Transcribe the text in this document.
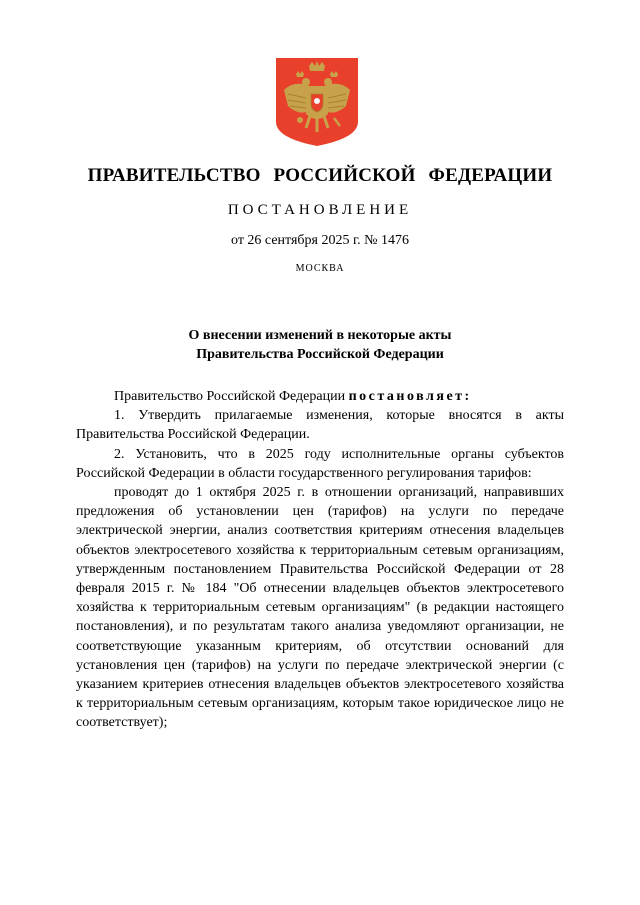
ПРАВИТЕЛЬСТВО РОССИЙСКОЙ ФЕДЕРАЦИИ
ПОСТАНОВЛЕНИЕ
от 26 сентября 2025 г. № 1476
МОСКВА
О внесении изменений в некоторые акты
Правительства Российской Федерации

Правительство Российской Федерации постановляет:

1. Утвердить прилагаемые изменения, которые вносятся в акты Правительства Российской Федерации.

2. Установить, что в 2025 году исполнительные органы субъектов Российской Федерации в области государственного регулирования тарифов:

проводят до 1 октября 2025 г. в отношении организаций, направивших предложения об установлении цен (тарифов) на услуги по передаче электрической энергии, анализ соответствия критериям отнесения владельцев объектов электросетевого хозяйства к территориальным сетевым организациям, утвержденным постановлением Правительства Российской Федерации от 28 февраля 2015 г. № 184 "Об отнесении владельцев объектов электросетевого хозяйства к территориальным сетевым организациям" (в редакции настоящего постановления), и по результатам такого анализа уведомляют организации, не соответствующие указанным критериям, об отсутствии оснований для установления цен (тарифов) на услуги по передаче электрической энергии (с указанием критериев отнесения владельцев объектов электросетевого хозяйства к территориальным сетевым организациям, которым такое юридическое лицо не соответствует);
